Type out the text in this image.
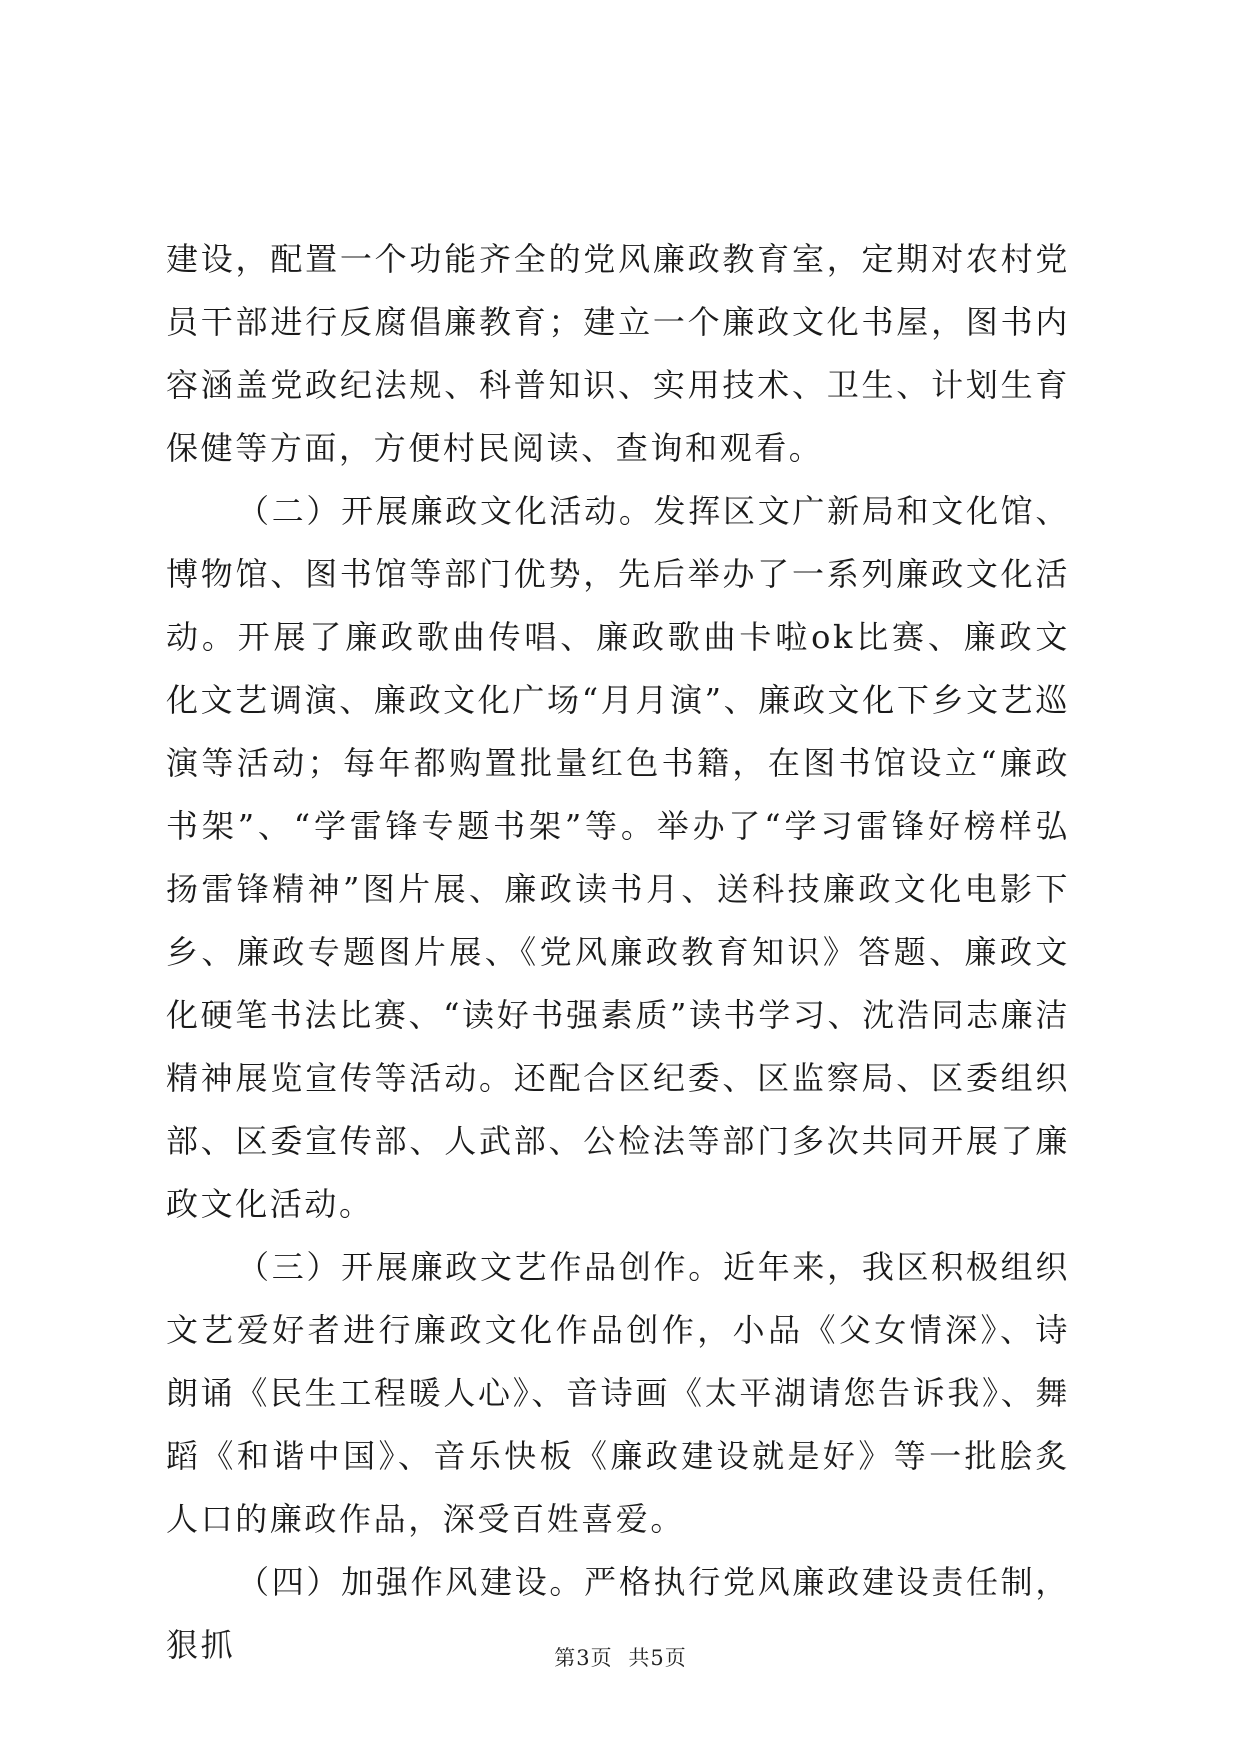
建设，配置一个功能齐全的党风廉政教育室，定期对农村党员干部进行反腐倡廉教育；建立一个廉政文化书屋，图书内容涵盖党政纪法规、科普知识、实用技术、卫生、计划生育保健等方面，方便村民阅读、查询和观看。

（二）开展廉政文化活动。发挥区文广新局和文化馆、博物馆、图书馆等部门优势，先后举办了一系列廉政文化活动。开展了廉政歌曲传唱、廉政歌曲卡啦ok比赛、廉政文化文艺调演、廉政文化广场“月月演”、廉政文化下乡文艺巡演等活动；每年都购置批量红色书籍，在图书馆设立“廉政书架”、“学雷锋专题书架”等。举办了“学习雷锋好榜样弘扬雷锋精神”图片展、廉政读书月、送科技廉政文化电影下乡、廉政专题图片展、《党风廉政教育知识》答题、廉政文化硬笔书法比赛、“读好书强素质”读书学习、沈浩同志廉洁精神展览宣传等活动。还配合区纪委、区监察局、区委组织部、区委宣传部、人武部、公检法等部门多次共同开展了廉政文化活动。

（三）开展廉政文艺作品创作。近年来，我区积极组织文艺爱好者进行廉政文化作品创作，小品《父女情深》、诗朗诵《民生工程暖人心》、音诗画《太平湖请您告诉我》、舞蹈《和谐中国》、音乐快板《廉政建设就是好》等一批脍炙人口的廉政作品，深受百姓喜爱。

（四）加强作风建设。严格执行党风廉政建设责任制，狠抓	第3页 共5页
